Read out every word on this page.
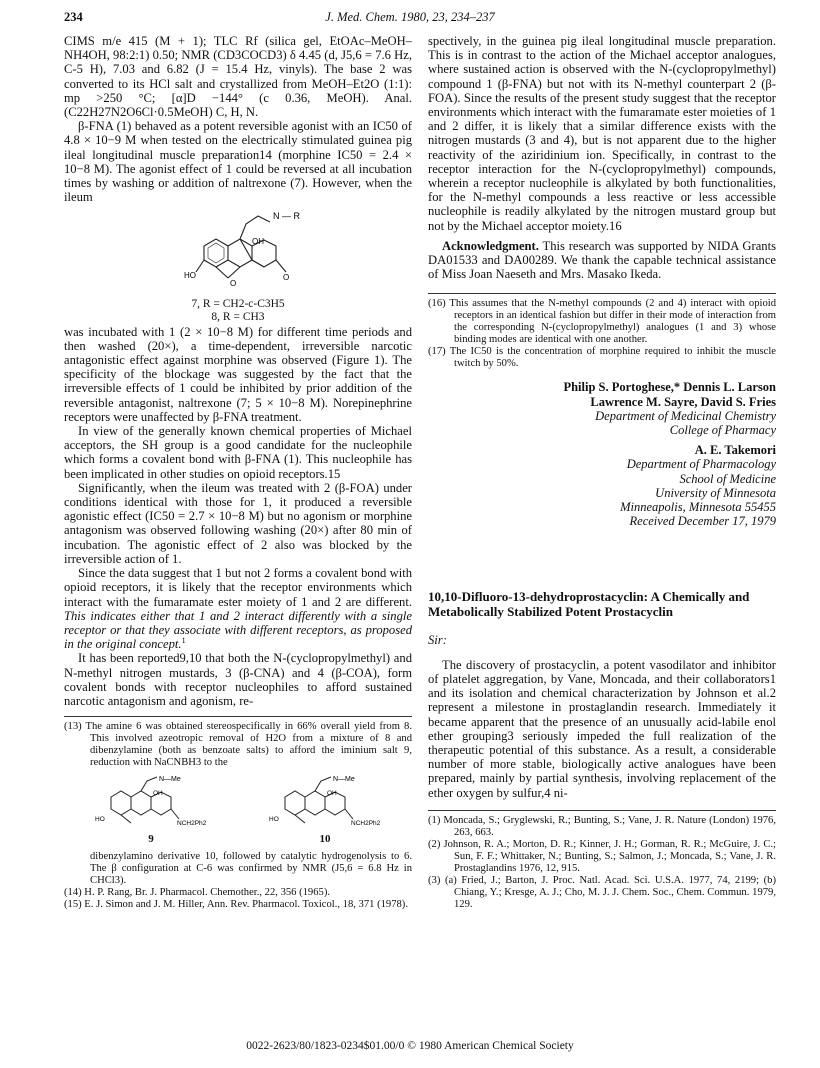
234	J. Med. Chem. 1980, 23, 234–237

CIMS m/e 415 (M + 1); TLC Rf (silica gel, EtOAc–MeOH–NH4OH, 98:2:1) 0.50; NMR (CD3COCD3) δ 4.45 (d, J5,6 = 7.6 Hz, C-5 H), 7.03 and 6.82 (J = 15.4 Hz, vinyls). The base 2 was converted to its HCl salt and crystallized from MeOH–Et2O (1:1): mp >250 °C; [α]D −144° (c 0.36, MeOH). Anal. (C22H27N2O6Cl·0.5MeOH) C, H, N.

β-FNA (1) behaved as a potent reversible agonist with an IC50 of 4.8 × 10−9 M when tested on the electrically stimulated guinea pig ileal longitudinal muscle preparation14 (morphine IC50 = 2.4 × 10−8 M). The agonist effect of 1 could be reversed at all incubation times by washing or addition of naltrexone (7). However, when the ileum

N — R
OH
HO
O
O
7, R = CH2-c-C3H5
8, R = CH3

was incubated with 1 (2 × 10−8 M) for different time periods and then washed (20×), a time-dependent, irreversible narcotic antagonistic effect against morphine was observed (Figure 1). The specificity of the blockage was suggested by the fact that the irreversible effects of 1 could be inhibited by prior addition of the reversible antagonist, naltrexone (7; 5 × 10−8 M). Norepinephrine receptors were unaffected by β-FNA treatment.

In view of the generally known chemical properties of Michael acceptors, the SH group is a good candidate for the nucleophile which forms a covalent bond with β-FNA (1). This nucleophile has been implicated in other studies on opioid receptors.15

Significantly, when the ileum was treated with 2 (β-FOA) under conditions identical with those for 1, it produced a reversible agonistic effect (IC50 = 2.7 × 10−8 M) but no agonism or morphine antagonism was observed following washing (20×) after 80 min of incubation. The agonistic effect of 2 also was blocked by the irreversible action of 1.

Since the data suggest that 1 but not 2 forms a covalent bond with opioid receptors, it is likely that the receptor environments which interact with the fumaramate ester moiety of 1 and 2 are different. This indicates either that 1 and 2 interact differently with a single receptor or that they associate with different receptors, as proposed in the original concept.$^1$

It has been reported9,10 that both the N-(cyclopropylmethyl) and N-methyl nitrogen mustards, 3 (β-CNA) and 4 (β-COA), form covalent bonds with receptor nucleophiles to afford sustained narcotic antagonism and agonism, re-

(13) The amine 6 was obtained stereospecifically in 66% overall yield from 8. This involved azeotropic removal of H2O from a mixture of 8 and dibenzylamine (both as benzoate salts) to afford the iminium salt 9, reduction with NaCNBH3 to the
N—Me
OH
HO
NCH2Ph2
9
N—Me
OH
HO
NCH2Ph2
10
dibenzylamino derivative 10, followed by catalytic hydrogenolysis to 6. The β configuration at C-6 was confirmed by NMR (J5,6 = 6.8 Hz in CHCl3).
(14) H. P. Rang, Br. J. Pharmacol. Chemother., 22, 356 (1965).
(15) E. J. Simon and J. M. Hiller, Ann. Rev. Pharmacol. Toxicol., 18, 371 (1978).

spectively, in the guinea pig ileal longitudinal muscle preparation. This is in contrast to the action of the Michael acceptor analogues, where sustained action is observed with the N-(cyclopropylmethyl) compound 1 (β-FNA) but not with its N-methyl counterpart 2 (β-FOA). Since the results of the present study suggest that the receptor environments which interact with the fumaramate ester moieties of 1 and 2 differ, it is likely that a similar difference exists with the nitrogen mustards (3 and 4), but is not apparent due to the higher reactivity of the aziridinium ion. Specifically, in contrast to the receptor interaction for the N-(cyclopropylmethyl) compounds, wherein a receptor nucleophile is alkylated by both functionalities, for the N-methyl compounds a less reactive or less accessible nucleophile is readily alkylated by the nitrogen mustard group but not by the Michael acceptor moiety.16

Acknowledgment. This research was supported by NIDA Grants DA01533 and DA00289. We thank the capable technical assistance of Miss Joan Naeseth and Mrs. Masako Ikeda.

(16) This assumes that the N-methyl compounds (2 and 4) interact with opioid receptors in an identical fashion but differ in their mode of interaction from the corresponding N-(cyclopropylmethyl) analogues (1 and 3) whose binding modes are identical with one another.
(17) The IC50 is the concentration of morphine required to inhibit the muscle twitch by 50%.
Philip S. Portoghese,* Dennis L. Larson
Lawrence M. Sayre, David S. Fries
Department of Medicinal Chemistry
College of Pharmacy
A. E. Takemori
Department of Pharmacology
School of Medicine
University of Minnesota
Minneapolis, Minnesota 55455
Received December 17, 1979
10,10-Difluoro-13-dehydroprostacyclin: A Chemically and Metabolically Stabilized Potent Prostacyclin
Sir:

The discovery of prostacyclin, a potent vasodilator and inhibitor of platelet aggregation, by Vane, Moncada, and their collaborators1 and its isolation and chemical characterization by Johnson et al.2 represent a milestone in prostaglandin research. Immediately it became apparent that the presence of an unusually acid-labile enol ether grouping3 seriously impeded the full realization of the therapeutic potential of this substance. As a result, a considerable number of more stable, biologically active analogues have been prepared, mainly by partial synthesis, involving replacement of the ether oxygen by sulfur,4 ni-

(1) Moncada, S.; Gryglewski, R.; Bunting, S.; Vane, J. R. Nature (London) 1976, 263, 663.
(2) Johnson, R. A.; Morton, D. R.; Kinner, J. H.; Gorman, R. R.; McGuire, J. C.; Sun, F. F.; Whittaker, N.; Bunting, S.; Salmon, J.; Moncada, S.; Vane, J. R. Prostaglandins 1976, 12, 915.
(3) (a) Fried, J.; Barton, J. Proc. Natl. Acad. Sci. U.S.A. 1977, 74, 2199; (b) Chiang, Y.; Kresge, A. J.; Cho, M. J. J. Chem. Soc., Chem. Commun. 1979, 129.
0022-2623/80/1823-0234$01.00/0 © 1980 American Chemical Society
